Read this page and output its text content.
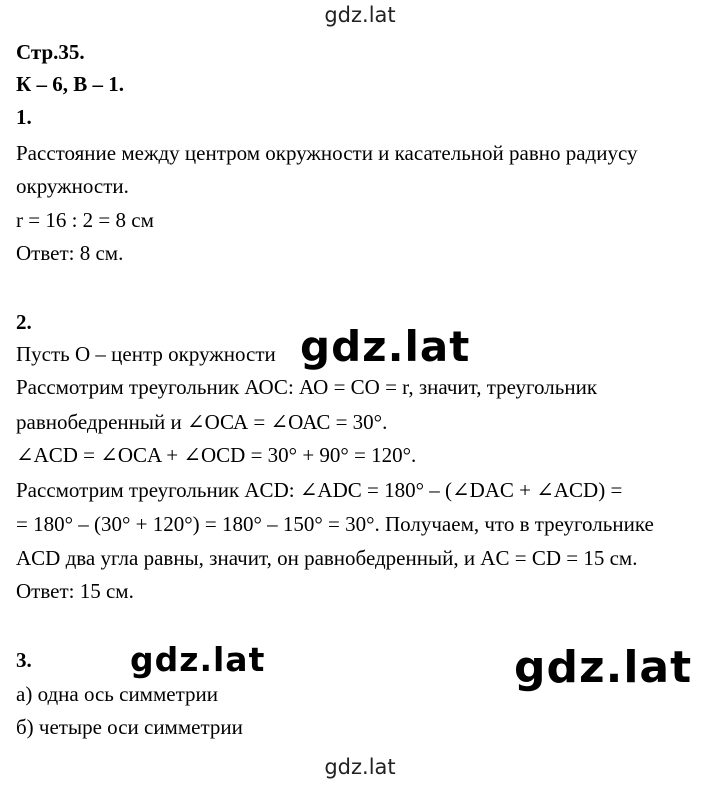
gdz.lat
Стр.35.
К – 6, В – 1.
1.
Расстояние между центром окружности и касательной равно радиусу
окружности.
r = 16 : 2 = 8 см
Ответ: 8 см.
2.
Пусть О – центр окружности gdz.lat
Рассмотрим треугольник АОС: АО = СО = r, значит, треугольник
равнобедренный и ∠ОСА = ∠ОАС = 30°.
∠ACD = ∠OCA + ∠OCD = 30° + 90° = 120°.
Рассмотрим треугольник ACD: ∠ADC = 180° – (∠DAC + ∠ACD) =
= 180° – (30° + 120°) = 180° – 150° = 30°. Получаем, что в треугольнике
ACD два угла равны, значит, он равнобедренный, и AC = CD = 15 см.
Ответ: 15 см.
3.	gdz.lat	gdz.lat
а) одна ось симметрии
б) четыре оси симметрии
gdz.lat
